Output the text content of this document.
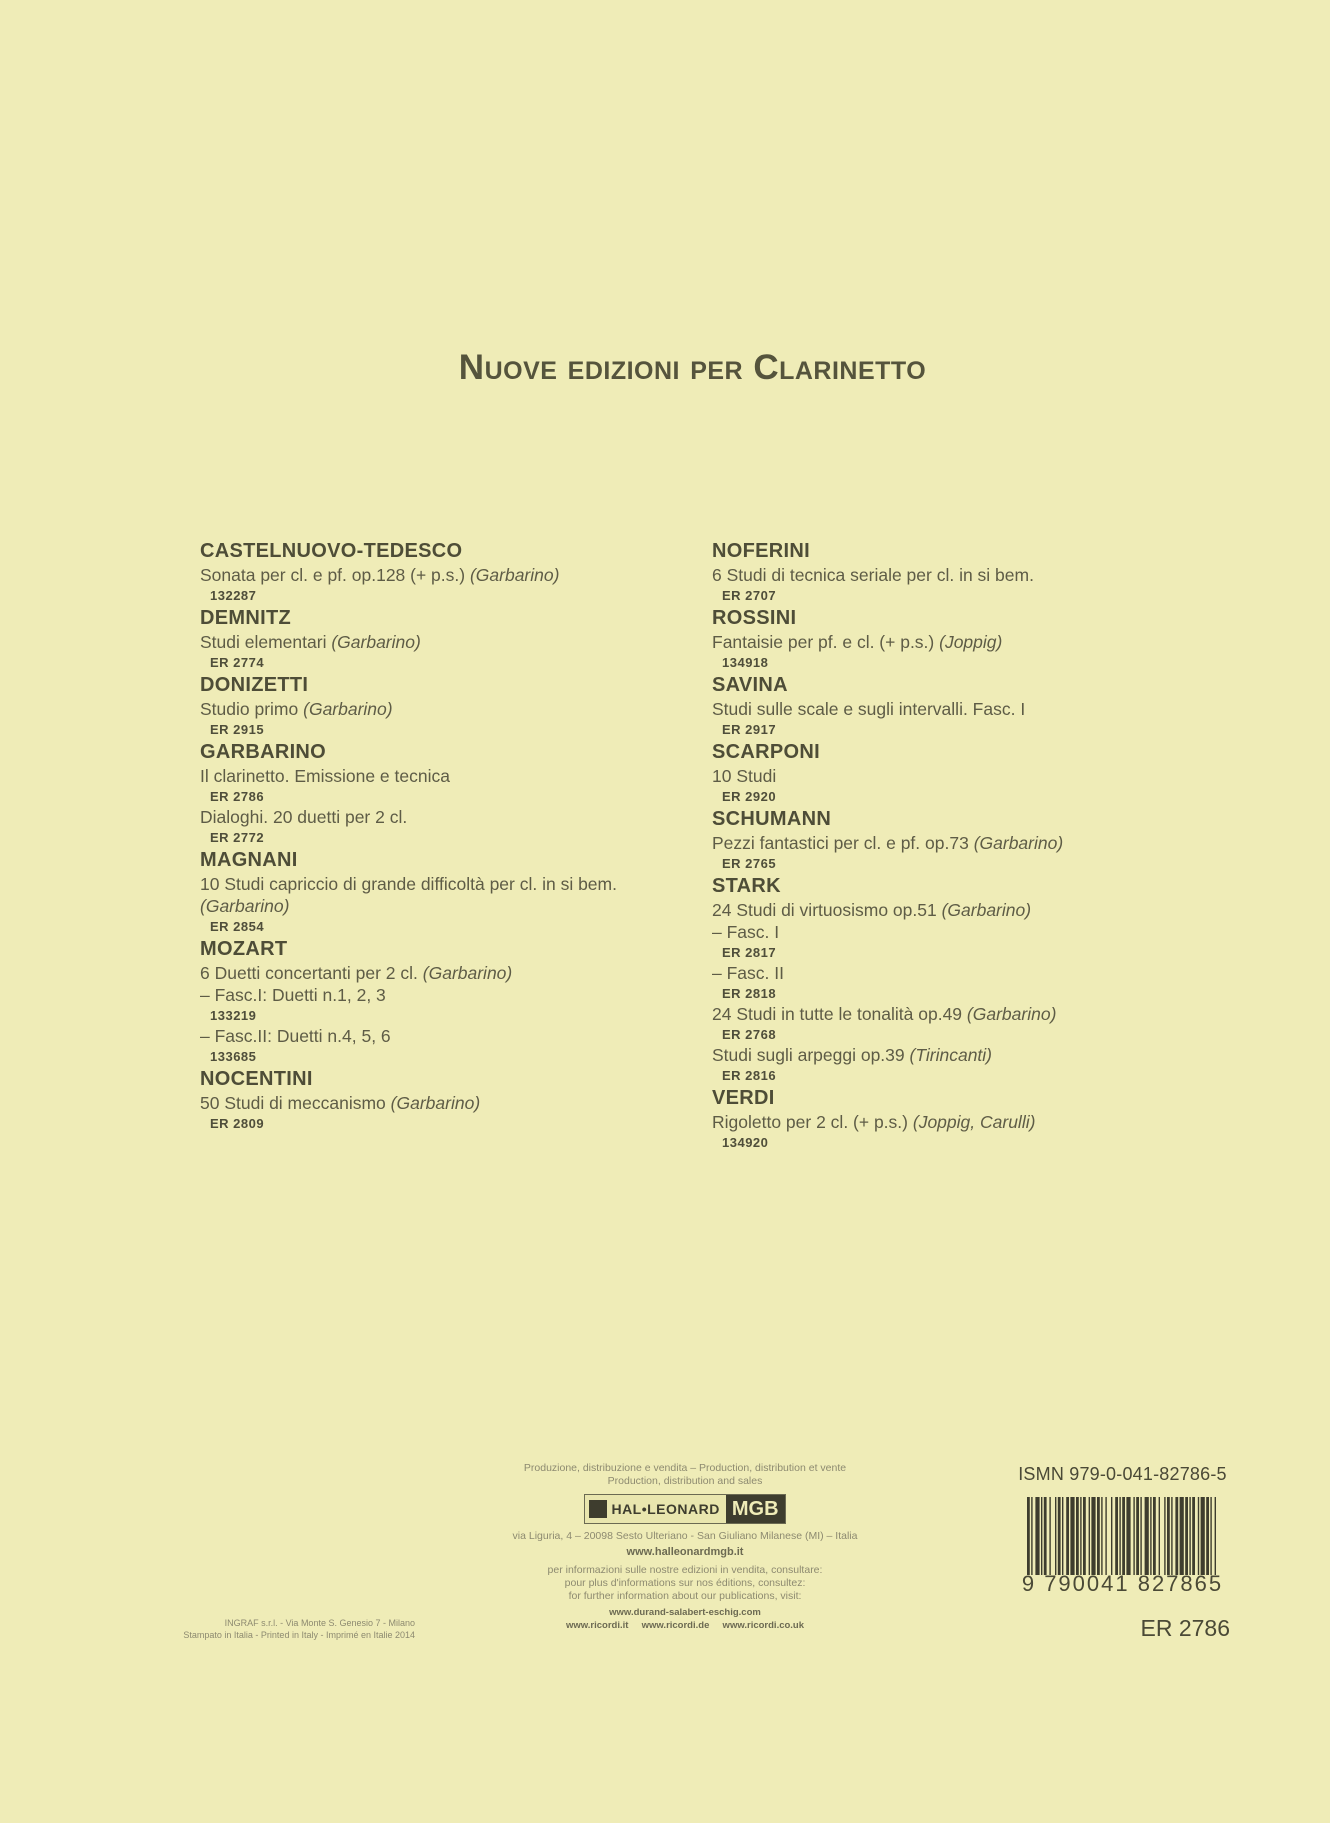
Nuove edizioni per Clarinetto
CASTELNUOVO-TEDESCO
Sonata per cl. e pf. op.128 (+ p.s.) (Garbarino)
132287
DEMNITZ
Studi elementari (Garbarino)
ER 2774
DONIZETTI
Studio primo (Garbarino)
ER 2915
GARBARINO
Il clarinetto. Emissione e tecnica
ER 2786
Dialoghi. 20 duetti per 2 cl.
ER 2772
MAGNANI
10 Studi capriccio di grande difficoltà per cl. in si bem.
(Garbarino)
ER 2854
MOZART
6 Duetti concertanti per 2 cl. (Garbarino)
– Fasc.I: Duetti n.1, 2, 3
133219
– Fasc.II: Duetti n.4, 5, 6
133685
NOCENTINI
50 Studi di meccanismo (Garbarino)
ER 2809
NOFERINI
6 Studi di tecnica seriale per cl. in si bem.
ER 2707
ROSSINI
Fantaisie per pf. e cl. (+ p.s.) (Joppig)
134918
SAVINA
Studi sulle scale e sugli intervalli. Fasc. I
ER 2917
SCARPONI
10 Studi
ER 2920
SCHUMANN
Pezzi fantastici per cl. e pf. op.73 (Garbarino)
ER 2765
STARK
24 Studi di virtuosismo op.51 (Garbarino)
– Fasc. I
ER 2817
– Fasc. II
ER 2818
24 Studi in tutte le tonalità op.49 (Garbarino)
ER 2768
Studi sugli arpeggi op.39 (Tirincanti)
ER 2816
VERDI
Rigoletto per 2 cl. (+ p.s.) (Joppig, Carulli)
134920
Produzione, distribuzione e vendita – Production, distribution et vente
Production, distribution and sales
HAL•LEONARD MGB
via Liguria, 4 – 20098 Sesto Ulteriano - San Giuliano Milanese (MI) – Italia
www.halleonardmgb.it
per informazioni sulle nostre edizioni in vendita, consultare:
pour plus d'informations sur nos éditions, consultez:
for further information about our publications, visit:
www.durand-salabert-eschig.com
www.ricordi.it     www.ricordi.de     www.ricordi.co.uk
INGRAF s.r.l. - Via Monte S. Genesio 7 - Milano
Stampato in Italia - Printed in Italy - Imprimé en Italie 2014
ISMN 979-0-041-82786-5
9 790041 827865
ER 2786
